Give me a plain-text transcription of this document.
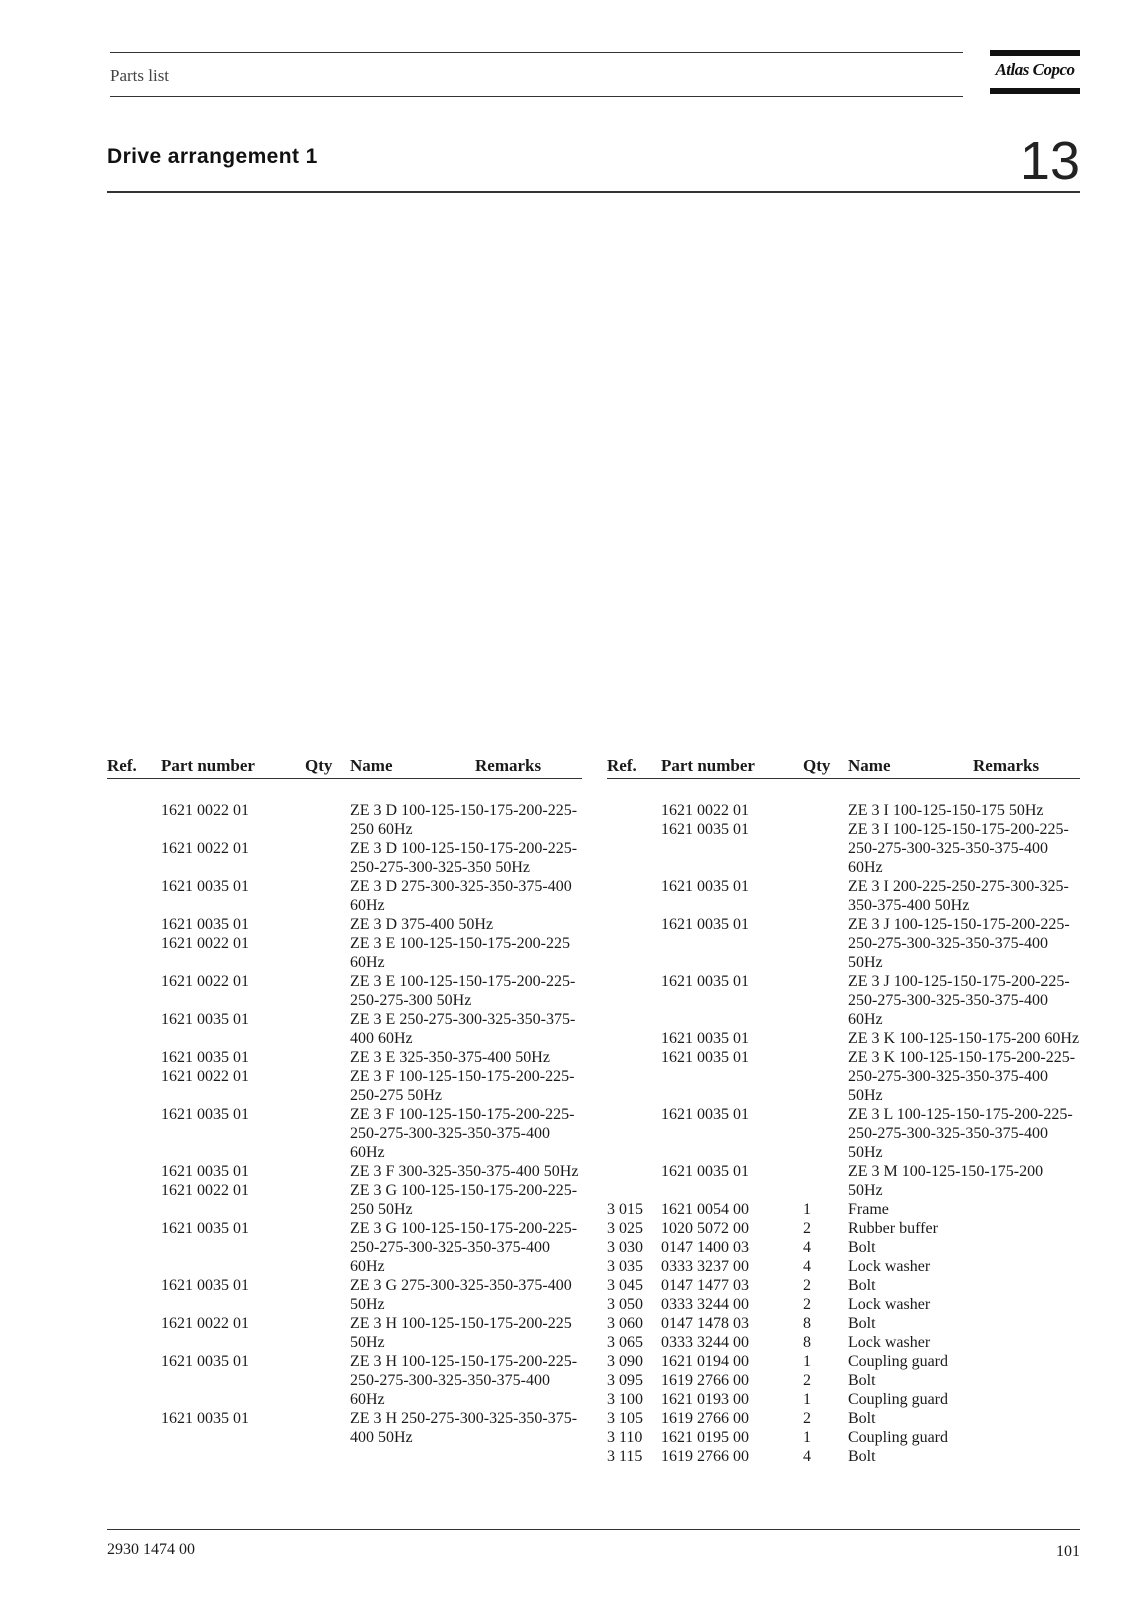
Parts list	Atlas Copco
Drive arrangement 1	13
Ref. Part number	Qty Name	Remarks
1621 0022 01	ZE 3 D 100-125-150-175-200-225-250 60Hz
1621 0022 01	ZE 3 D 100-125-150-175-200-225-250-275-300-325-350 50Hz
1621 0035 01	ZE 3 D 275-300-325-350-375-400 60Hz
1621 0035 01	ZE 3 D 375-400 50Hz
1621 0022 01	ZE 3 E 100-125-150-175-200-225 60Hz
1621 0022 01	ZE 3 E 100-125-150-175-200-225-250-275-300 50Hz
1621 0035 01	ZE 3 E 250-275-300-325-350-375-400 60Hz
1621 0035 01	ZE 3 E 325-350-375-400 50Hz
1621 0022 01	ZE 3 F 100-125-150-175-200-225-250-275 50Hz
1621 0035 01	ZE 3 F 100-125-150-175-200-225-250-275-300-325-350-375-400 60Hz
1621 0035 01	ZE 3 F 300-325-350-375-400 50Hz
1621 0022 01	ZE 3 G 100-125-150-175-200-225-250 50Hz
1621 0035 01	ZE 3 G 100-125-150-175-200-225-250-275-300-325-350-375-400 60Hz
1621 0035 01	ZE 3 G 275-300-325-350-375-400 50Hz
1621 0022 01	ZE 3 H 100-125-150-175-200-225 50Hz
1621 0035 01	ZE 3 H 100-125-150-175-200-225-250-275-300-325-350-375-400 60Hz
1621 0035 01	ZE 3 H 250-275-300-325-350-375-400 50Hz
Ref. Part number	Qty Name	Remarks
1621 0022 01	ZE 3 I 100-125-150-175 50Hz
1621 0035 01	ZE 3 I 100-125-150-175-200-225-250-275-300-325-350-375-400 60Hz
1621 0035 01	ZE 3 I 200-225-250-275-300-325-350-375-400 50Hz
1621 0035 01	ZE 3 J 100-125-150-175-200-225-250-275-300-325-350-375-400 50Hz
1621 0035 01	ZE 3 J 100-125-150-175-200-225-250-275-300-325-350-375-400 60Hz
1621 0035 01	ZE 3 K 100-125-150-175-200 60Hz
1621 0035 01	ZE 3 K 100-125-150-175-200-225-250-275-300-325-350-375-400 50Hz
1621 0035 01	ZE 3 L 100-125-150-175-200-225-250-275-300-325-350-375-400 50Hz
1621 0035 01	ZE 3 M 100-125-150-175-200 50Hz
3 015 1621 0054 00	1 Frame
3 025 1020 5072 00	2 Rubber buffer
3 030 0147 1400 03	4 Bolt
3 035 0333 3237 00	4 Lock washer
3 045 0147 1477 03	2 Bolt
3 050 0333 3244 00	2 Lock washer
3 060 0147 1478 03	8 Bolt
3 065 0333 3244 00	8 Lock washer
3 090 1621 0194 00	1 Coupling guard
3 095 1619 2766 00	2 Bolt
3 100 1621 0193 00	1 Coupling guard
3 105 1619 2766 00	2 Bolt
3 110 1621 0195 00	1 Coupling guard
3 115 1619 2766 00	4 Bolt
2930 1474 00	101
